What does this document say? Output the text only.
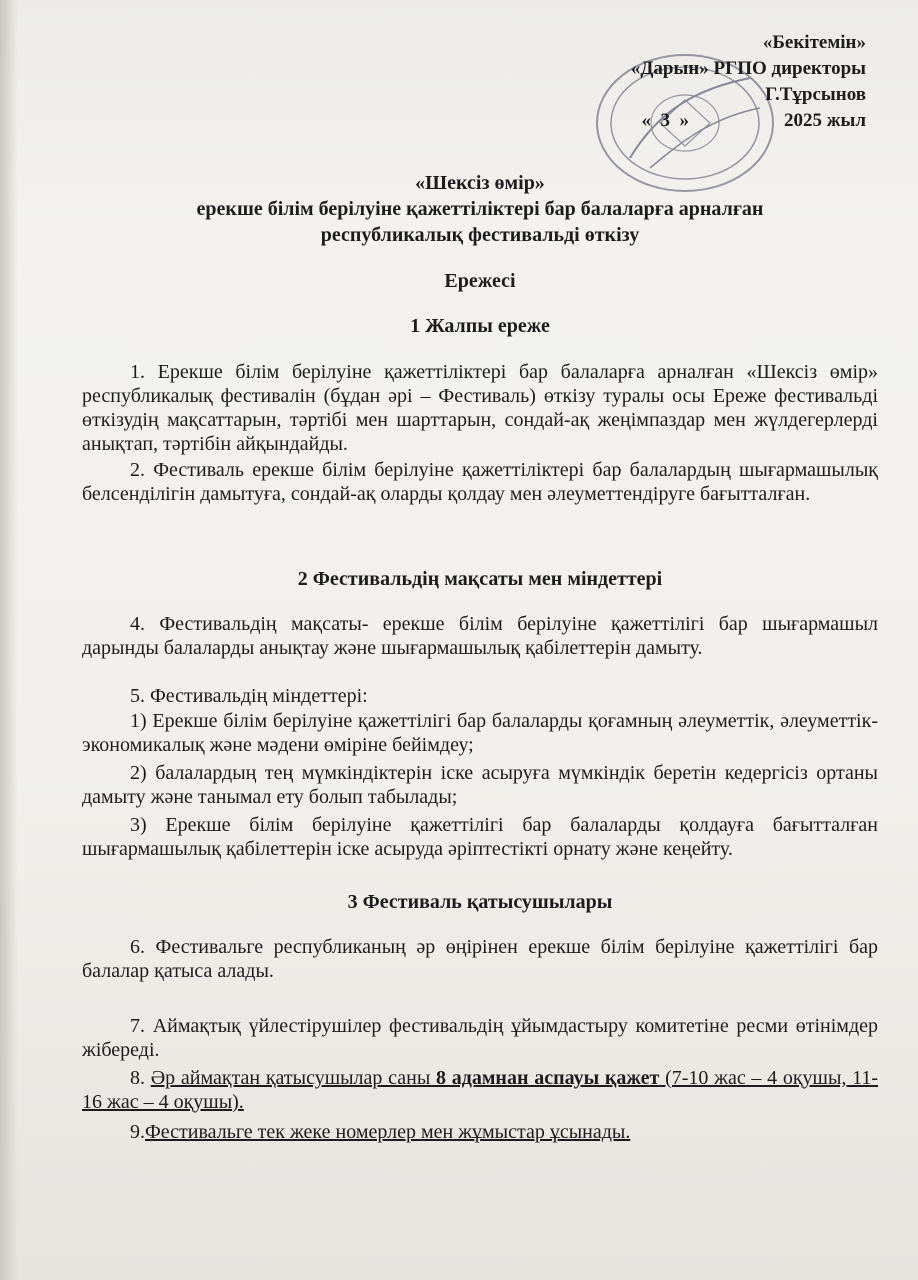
«Бекітемін»
«Дарын» РГПО директоры
Г.Тұрсынов
«  3  »                    2025 жыл
«Шексіз өмір»
ерекше білім берілуіне қажеттіліктері бар балаларға арналған
республикалық фестивальді өткізу
Ережесі
1 Жалпы ереже
1. Ерекше білім берілуіне қажеттіліктері бар балаларға арналған «Шексіз өмір» республикалық фестивалін (бұдан әрі – Фестиваль) өткізу туралы осы Ереже фестивальді өткізудің мақсаттарын, тәртібі мен шарттарын, сондай-ақ жеңімпаздар мен жүлдегерлерді анықтап, тәртібін айқындайды.
2. Фестиваль ерекше білім берілуіне қажеттіліктері бар балалардың шығармашылық белсенділігін дамытуға, сондай-ақ оларды қолдау мен әлеуметтендіруге бағытталған.
2 Фестивальдің мақсаты мен міндеттері
4. Фестивальдің мақсаты- ерекше білім берілуіне қажеттілігі бар шығармашыл дарынды балаларды анықтау және шығармашылық қабілеттерін дамыту.
5. Фестивальдің міндеттері:
1) Ерекше білім берілуіне қажеттілігі бар балаларды қоғамның әлеуметтік, әлеуметтік-экономикалық және мәдени өміріне бейімдеу;
2) балалардың тең мүмкіндіктерін іске асыруға мүмкіндік беретін кедергісіз ортаны дамыту және танымал ету болып табылады;
3) Ерекше білім берілуіне қажеттілігі бар балаларды қолдауға бағытталған шығармашылық қабілеттерін іске асыруда әріптестікті орнату және кеңейту.
3 Фестиваль қатысушылары
6. Фестивальге республиканың әр өңірінен ерекше білім берілуіне қажеттілігі бар балалар қатыса алады.
7. Аймақтық үйлестірушілер фестивальдің ұйымдастыру комитетіне ресми өтінімдер жібереді.
8. Әр аймақтан қатысушылар саны 8 адамнан аспауы қажет (7-10 жас – 4 оқушы, 11-16 жас – 4 оқушы).
9.Фестивальге тек жеке номерлер мен жұмыстар ұсынады.
